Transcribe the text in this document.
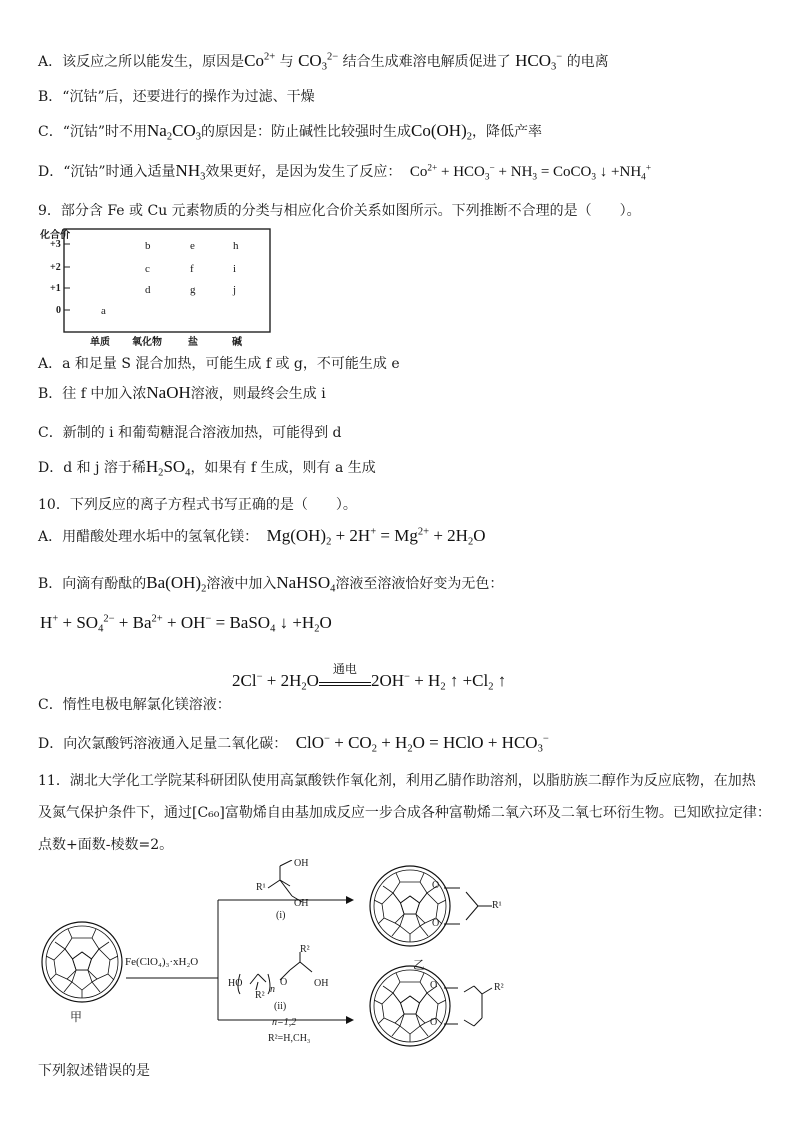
A．该反应之所以能发生，原因是$Co^{2+}$ 与 $CO_3^{2-}$ 结合生成难溶电解质促进了 $HCO_3^-$ 的电离
B．“沉钴”后，还要进行的操作为过滤、干燥
C．“沉钴”时不用$Na_2CO_3$的原因是：防止碱性比较强时生成$Co(OH)_2$，降低产率
D．“沉钴”时通入适量$NH_3$效果更好，是因为发生了反应： $Co^{2+} + HCO_3^- + NH_3$ = CoCO$_3$ ↓ $+NH_4^+$
9．部分含 Fe 或 Cu 元素物质的分类与相应化合价关系如图所示。下列推断不合理的是（　　）。
化合价
+3
+2
+1
0	a
b
c
d
e
f
g
h
i
j
单质 氧化物	盐	碱
A．a 和足量 S 混合加热，可能生成 f 或 g，不可能生成 e
B．往 f 中加入浓NaOH溶液，则最终会生成 i
C．新制的 i 和葡萄糖混合溶液加热，可能得到 d
D．d 和 j 溶于稀$H_2SO_4$，如果有 f 生成，则有 a 生成
10．下列反应的离子方程式书写正确的是（　　）。
A．用醋酸处理水垢中的氢氧化镁： $Mg(OH)_2 + 2H^+ = Mg^{2+} + 2H_2O$
B．向滴有酚酞的$Ba(OH)_2$溶液中加入NaHSO$_4$溶液至溶液恰好变为无色：
$H^+ + SO_4^{2-} + Ba^{2+} + OH^-$ = BaSO$_4$ ↓ $+H_2O$
$2Cl^- + 2H_2O$
通电
$2OH^- + H_2$ ↑ $+Cl_2$ ↑
C．惰性电极电解氯化镁溶液：
D．向次氯酸钙溶液通入足量二氧化碳： $ClO^- + CO_2 + H_2O$ = HClO + $HCO_3^-$
11．湖北大学化工学院某科研团队使用高氯酸铁作氧化剂，利用乙腈作助溶剂，以脂肪族二醇作为反应底物，在加热
及氮气保护条件下，通过[C₆₀]富勒烯自由基加成反应一步合成各种富勒烯二氧六环及二氧七环衍生物。已知欧拉定律：
点数+面数-棱数=2。
甲
乙
Fe(ClO₄)₃·xH₂O
(i)
(ii)
n=1,2
R²=H,CH₃
OH
R¹
OH
HO	O
n
R²
R²
OH
O
O
R¹
O
O
R²
下列叙述错误的是
